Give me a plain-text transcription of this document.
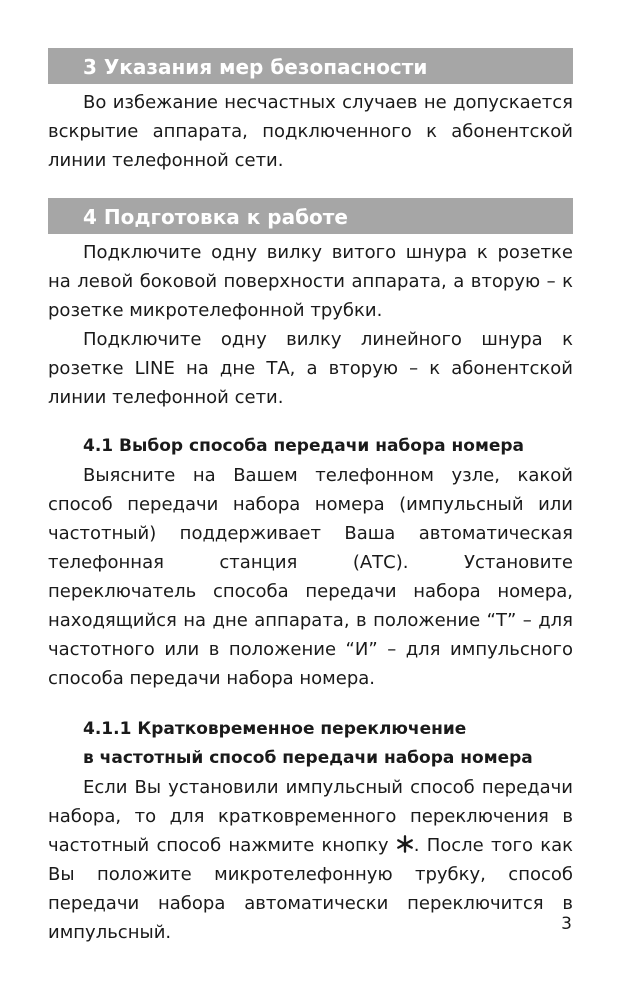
3 Указания мер безопасности

Во избежание несчастных случаев не допускается вскрытие аппарата, подключенного к абонентской линии телефонной сети.

4 Подготовка к работе

Подключите одну вилку витого шнура к розетке на левой боковой поверхности аппарата, а вторую – к розетке микротелефонной трубки.

Подключите одну вилку линейного шнура к розетке LINE на дне ТА, а вторую – к абонентской линии телефонной сети.

4.1 Выбор способа передачи набора номера

Выясните на Вашем телефонном узле, какой способ передачи набора номера (импульсный или частотный) поддерживает Ваша автоматическая телефонная станция (АТС). Установите переключатель способа передачи набора номера, находящийся на дне аппарата, в положение “Т” – для частотного или в положение “И” – для импульсного способа передачи набора номера.

4.1.1 Кратковременное переключение

в частотный способ передачи набора номера

Если Вы установили импульсный способ передачи набора, то для кратковременного переключения в частотный способ нажмите кнопку . После того как Вы положите микротелефонную трубку, способ передачи набора автоматически переключится в импульсный.	3
